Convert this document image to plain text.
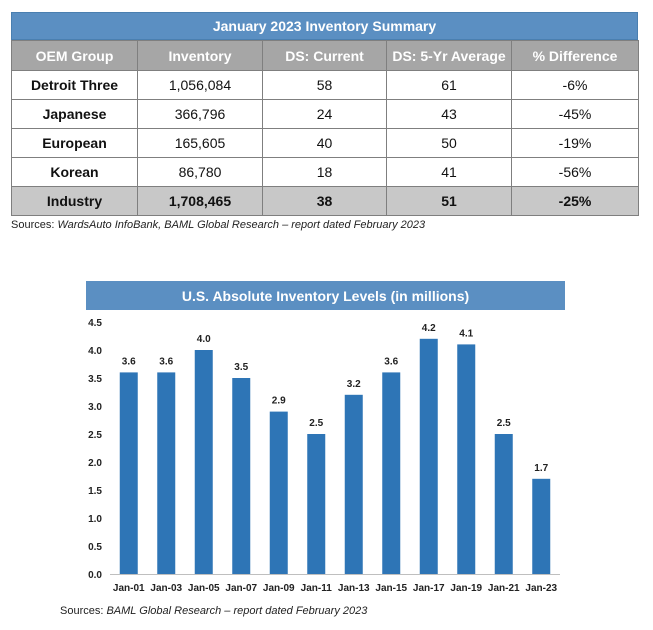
January 2023 Inventory Summary
OEM Group	Inventory	DS: Current	DS: 5-Yr Average	% Difference
Detroit Three	1,056,084	58	61	-6%
Japanese	366,796	24	43	-45%
European	165,605	40	50	-19%
Korean	86,780	18	41	-56%
Industry	1,708,465	38	51	-25%
Sources: WardsAuto InfoBank, BAML Global Research – report dated February 2023
U.S. Absolute Inventory Levels (in millions)
0.0
0.5
1.0
1.5
2.0
2.5
3.0
3.5
4.0
4.5
3.6
Jan-01
3.6
Jan-03
4.0
Jan-05
3.5
Jan-07
2.9
Jan-09
2.5
Jan-11
3.2
Jan-13
3.6
Jan-15
4.2
Jan-17
4.1
Jan-19
2.5
Jan-21
1.7
Jan-23
Sources: BAML Global Research – report dated February 2023
